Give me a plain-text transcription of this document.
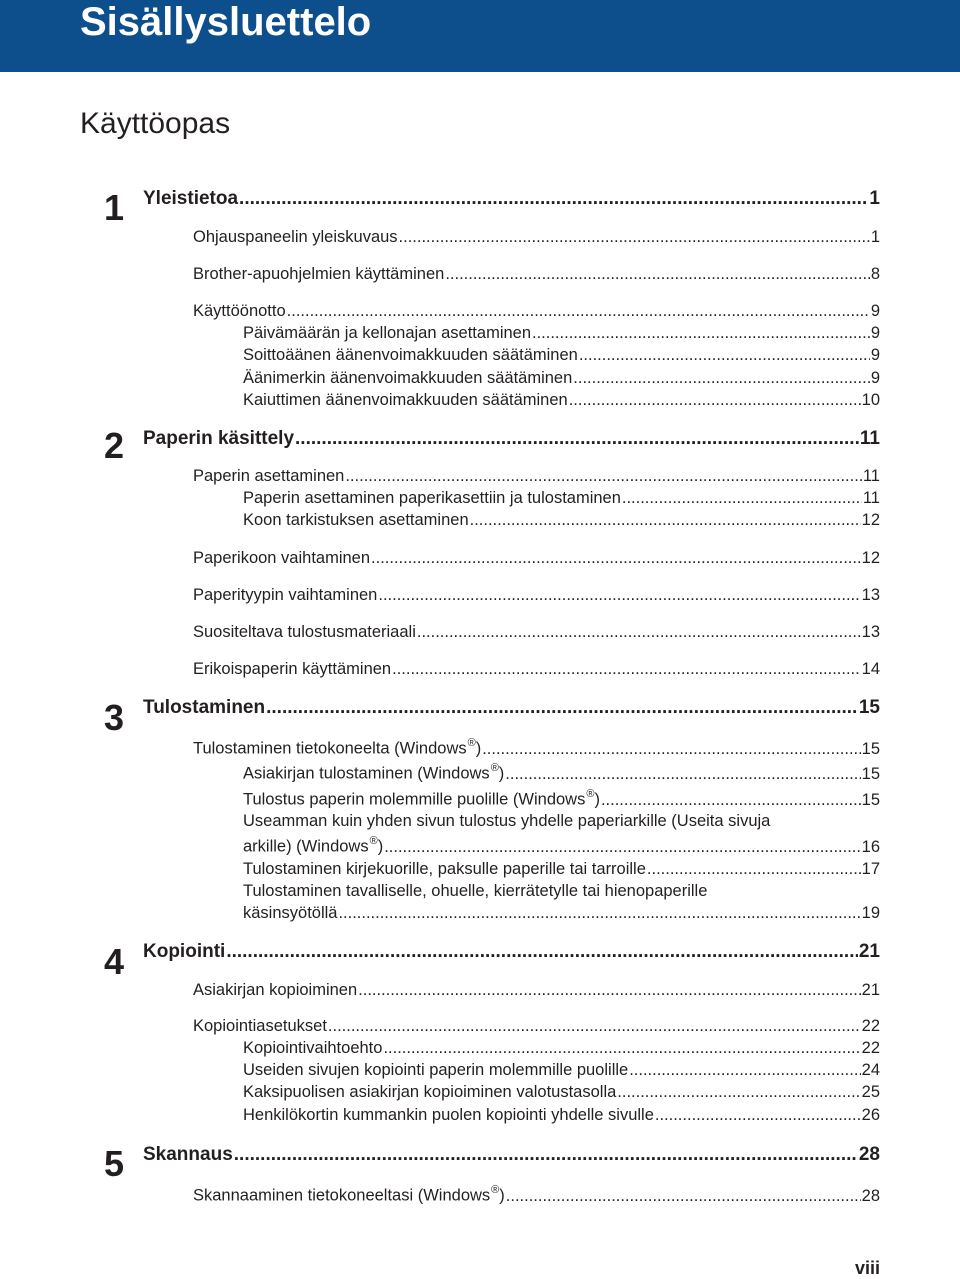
Sisällysluettelo
Käyttöopas
1 Yleistietoa .....	1
Ohjauspaneelin yleiskuvaus .....	1
Brother-apuohjelmien käyttäminen .....	8
Käyttöönotto .....	9
Päivämäärän ja kellonajan asettaminen .....	9
Soittoäänen äänenvoimakkuuden säätäminen .....	9
Äänimerkin äänenvoimakkuuden säätäminen .....	9
Kaiuttimen äänenvoimakkuuden säätäminen .....	10
2 Paperin käsittely .....	11
Paperin asettaminen .....	11
Paperin asettaminen paperikasettiin ja tulostaminen .....	11
Koon tarkistuksen asettaminen .....	12
Paperikoon vaihtaminen .....	12
Paperityypin vaihtaminen .....	13
Suositeltava tulostusmateriaali .....	13
Erikoispaperin käyttäminen .....	14
3 Tulostaminen .....	15
Tulostaminen tietokoneelta (Windows®) .....	15
Asiakirjan tulostaminen (Windows®) .....	15
Tulostus paperin molemmille puolille (Windows®) .....	15
Useamman kuin yhden sivun tulostus yhdelle paperiarkille (Useita sivuja
arkille) (Windows®) .....	16
Tulostaminen kirjekuorille, paksulle paperille tai tarroille .....	17
Tulostaminen tavalliselle, ohuelle, kierrätetylle tai hienopaperille
käsinsyötöllä .....	19
4 Kopiointi .....	21
Asiakirjan kopioiminen .....	21
Kopiointiasetukset .....	22
Kopiointivaihtoehto .....	22
Useiden sivujen kopiointi paperin molemmille puolille .....	24
Kaksipuolisen asiakirjan kopioiminen valotustasolla .....	25
Henkilökortin kummankin puolen kopiointi yhdelle sivulle .....	26
5 Skannaus .....	28
Skannaaminen tietokoneeltasi (Windows®) .....	28
viii
